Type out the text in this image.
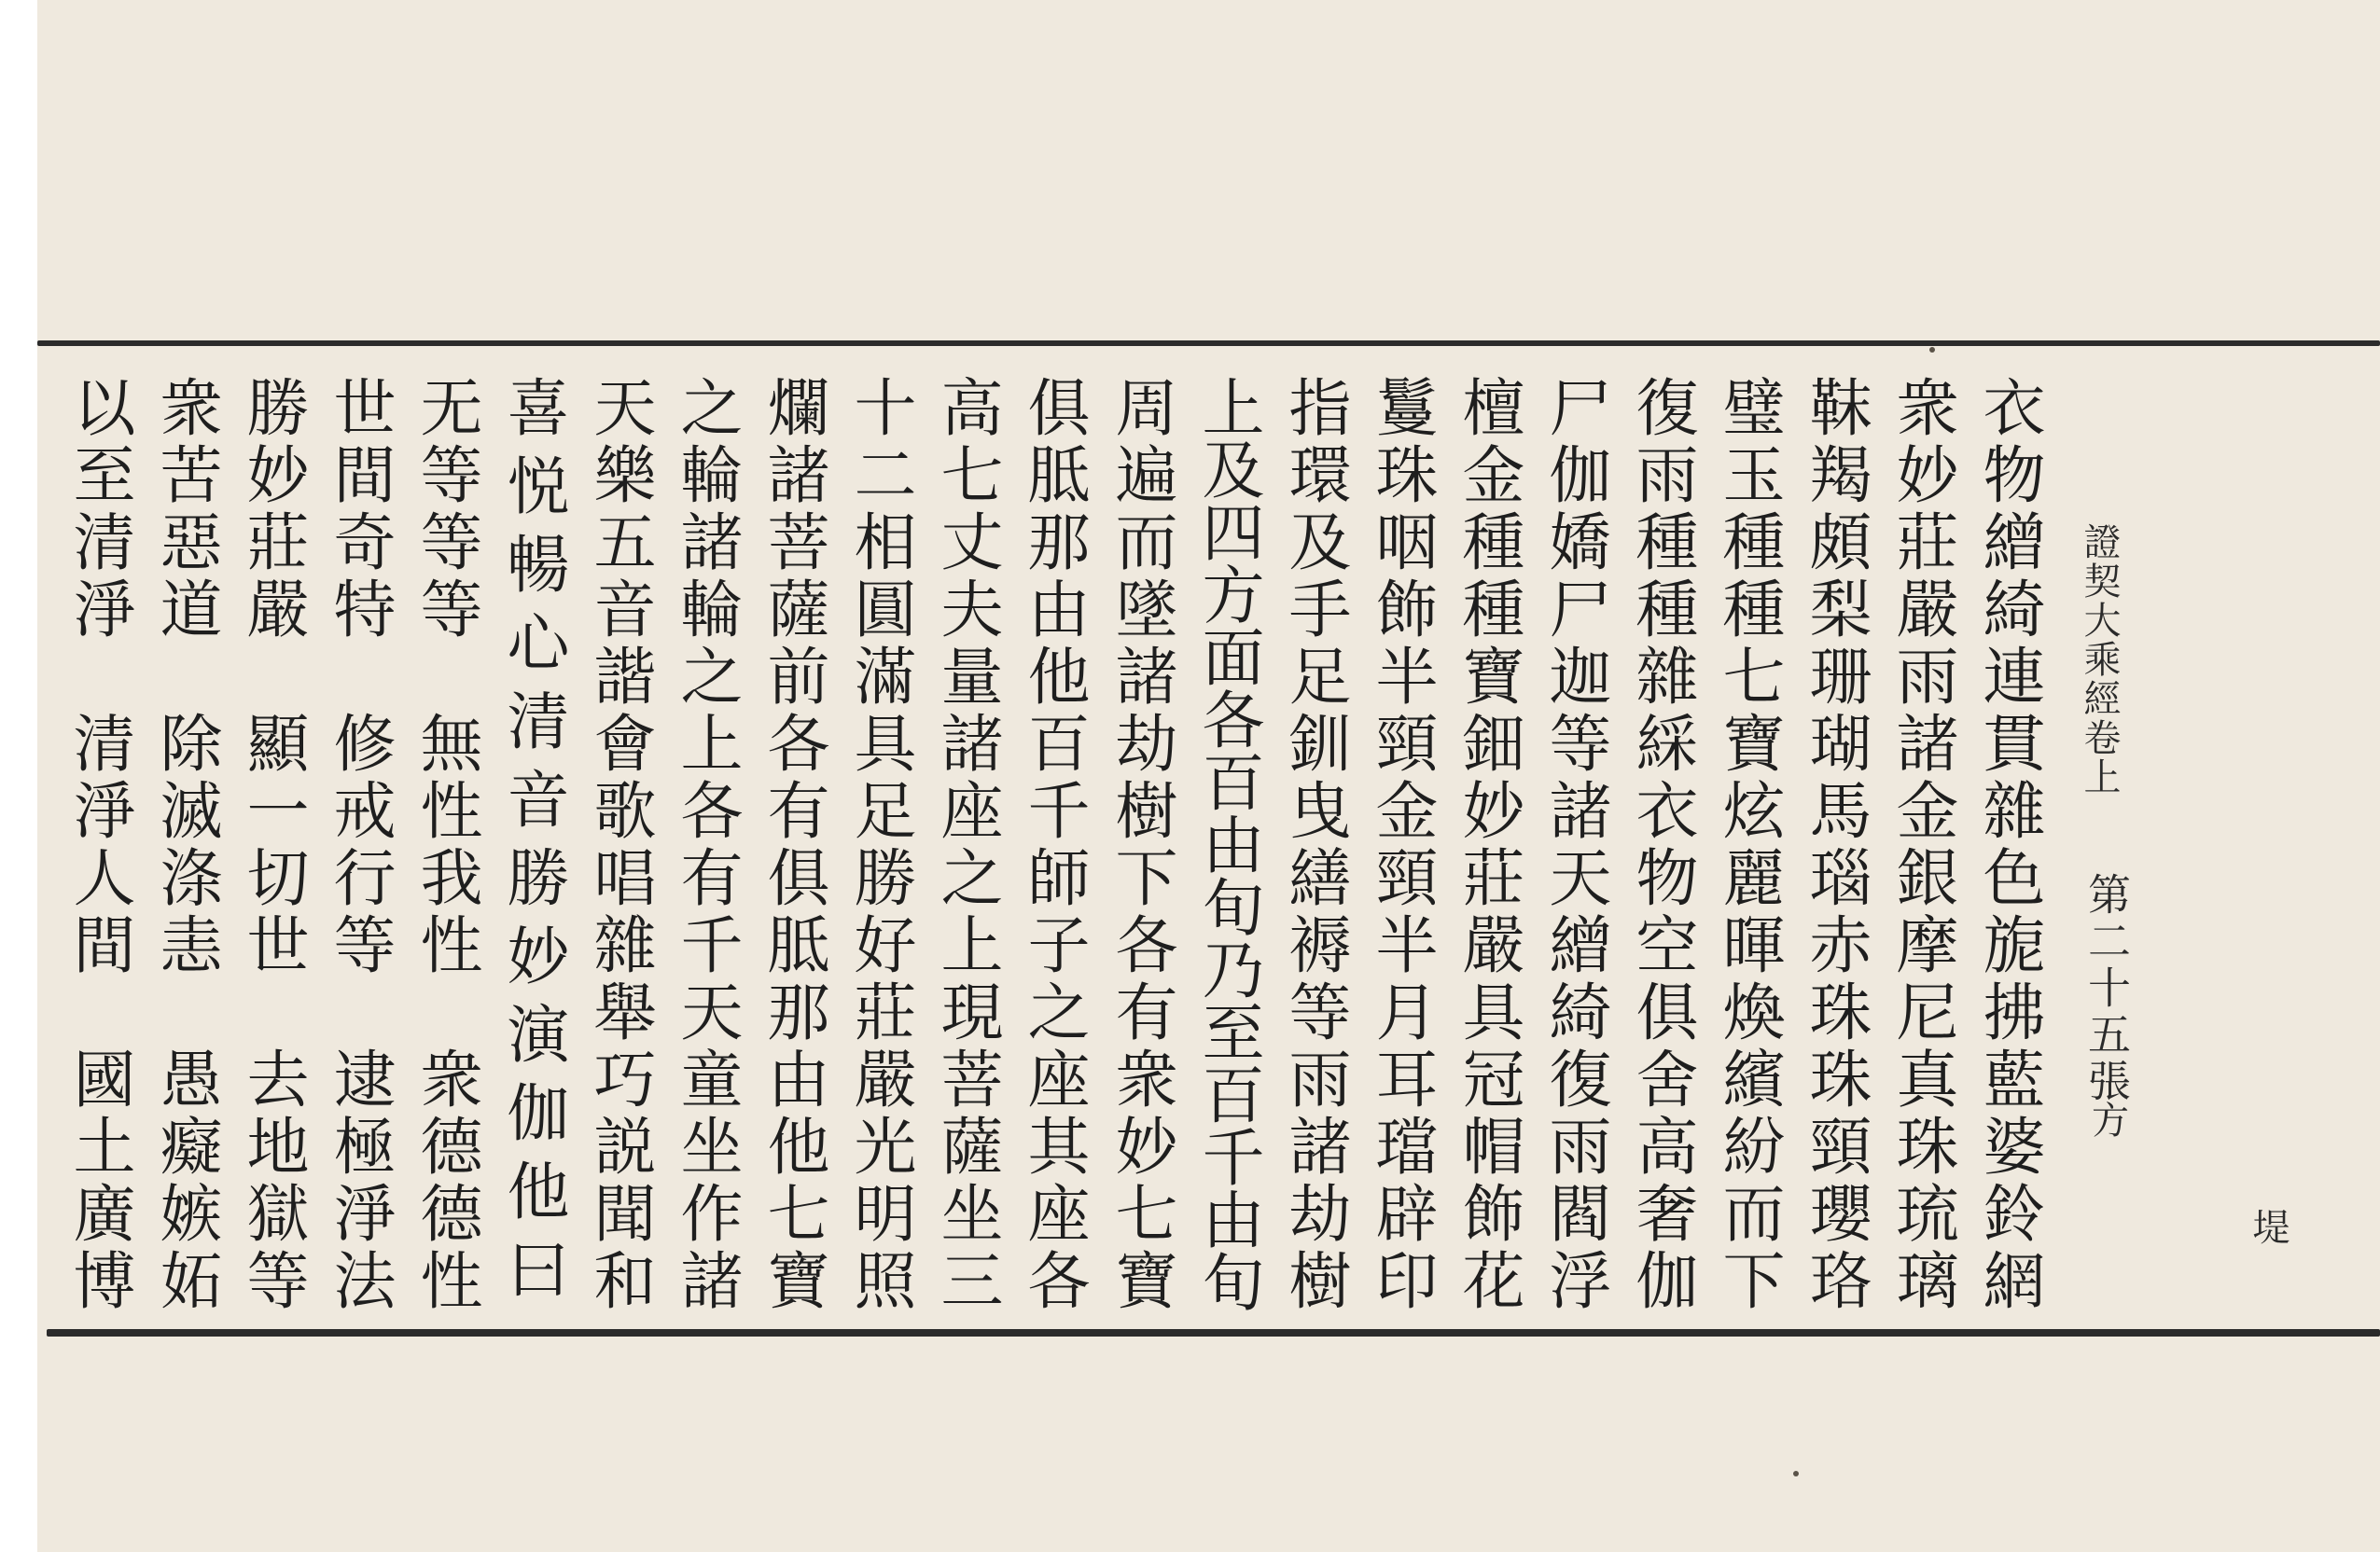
證契大乘經卷上
第二十五張
方
堤
衣物繒綺連貫雜色旎拂藍婆鈴網
衆妙莊嚴雨諸金銀摩尼真珠琉璃
靺羯頗梨珊瑚馬瑙赤珠珠頸瓔珞
璧玉種種七寶炫麗暉煥繽紛而下
復雨種種雜綵衣物空俱舍高奢伽
尸伽嬌尸迦等諸天繒綺復雨閻浮
檀金種種寶鈿妙莊嚴具冠帽飾花
鬘珠咽飾半頸金頸半月耳璫辟印
指環及手足釧曳繕褥等雨諸劫樹
上及四方面各百由旬乃至百千由旬
周遍而墜諸劫樹下各有衆妙七寶
俱胝那由他百千師子之座其座各
高七丈夫量諸座之上現菩薩坐三
十二相圓滿具足勝好莊嚴光明照
爛諸菩薩前各有俱胝那由他七寶
之輪諸輪之上各有千天童坐作諸
天樂五音諧會歌唱雜舉巧説聞和
喜悦暢心清音勝妙演伽他曰
无等等等　無性我性　衆德德性
世間奇特　修戒行等　逮極淨法
勝妙莊嚴　顯一切世　去地獄等
衆苦惡道　除滅涤恚　愚癡嫉妬
以至清淨　清淨人間　國土廣博
